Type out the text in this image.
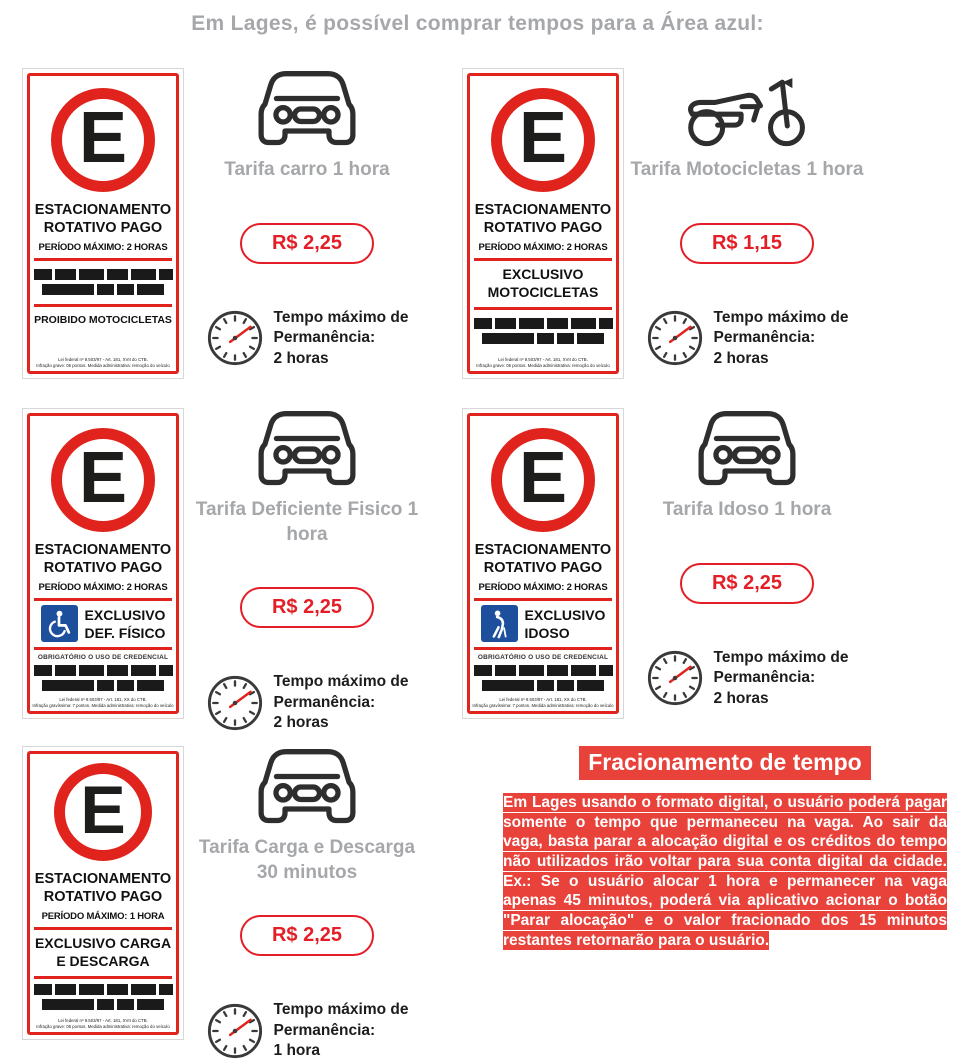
Em Lages, é possível comprar tempos para a Área azul:
E
ESTACIONAMENTO
ROTATIVO PAGO
PERÍODO MÁXIMO: 2 HORAS
PROIBIDO MOTOCICLETAS
Lei federal nº 9.503/97 - Art. 181, XVII do CTB.
Infração grave: 05 pontos. Medida administrativa: remoção do veículo
Tarifa carro 1 hora
R$ 2,25
Tempo máximo de
Permanência:
2 horas
E
ESTACIONAMENTO
ROTATIVO PAGO
PERÍODO MÁXIMO: 2 HORAS
EXCLUSIVO
MOTOCICLETAS
Lei federal nº 9.503/97 - Art. 181, XVII do CTB.
Infração grave: 05 pontos. Medida administrativa: remoção do veículo
Tarifa Motocicletas 1 hora
R$ 1,15
Tempo máximo de
Permanência:
2 horas
E
ESTACIONAMENTO
ROTATIVO PAGO
PERÍODO MÁXIMO: 2 HORAS
EXCLUSIVO
DEF. FÍSICO
OBRIGATÓRIO O USO DE CREDENCIAL
Lei federal nº 9.503/97 - Art. 181, XX do CTB.
Infração gravíssima: 7 pontos. Medida administrativa: remoção do veículo
Tarifa Deficiente Fisico 1 hora
R$ 2,25
Tempo máximo de
Permanência:
2 horas
E
ESTACIONAMENTO
ROTATIVO PAGO
PERÍODO MÁXIMO: 2 HORAS
EXCLUSIVO
IDOSO
OBRIGATÓRIO O USO DE CREDENCIAL
Lei federal nº 9.503/97 - Art. 181, XX do CTB.
Infração gravíssima: 7 pontos. Medida administrativa: remoção do veículo
Tarifa Idoso 1 hora
R$ 2,25
Tempo máximo de
Permanência:
2 horas
E
ESTACIONAMENTO
ROTATIVO PAGO
PERÍODO MÁXIMO: 1 HORA
EXCLUSIVO CARGA
E DESCARGA
Lei federal nº 9.503/97 - Art. 181, XVII do CTB.
Infração grave: 05 pontos. Medida administrativa: remoção do veículo
Tarifa Carga e Descarga 30 minutos
R$ 2,25
Tempo máximo de
Permanência:
1 hora
Fracionamento de tempo
Em Lages usando o formato digital, o usuário poderá pagar somente o tempo que permaneceu na vaga. Ao sair da vaga, basta parar a alocação digital e os créditos do tempo não utilizados irão voltar para sua conta digital da cidade. Ex.: Se o usuário alocar 1 hora e permanecer na vaga apenas 45 minutos, poderá via aplicativo acionar o botão "Parar alocação" e o valor fracionado dos 15 minutos restantes retornarão para o usuário.
